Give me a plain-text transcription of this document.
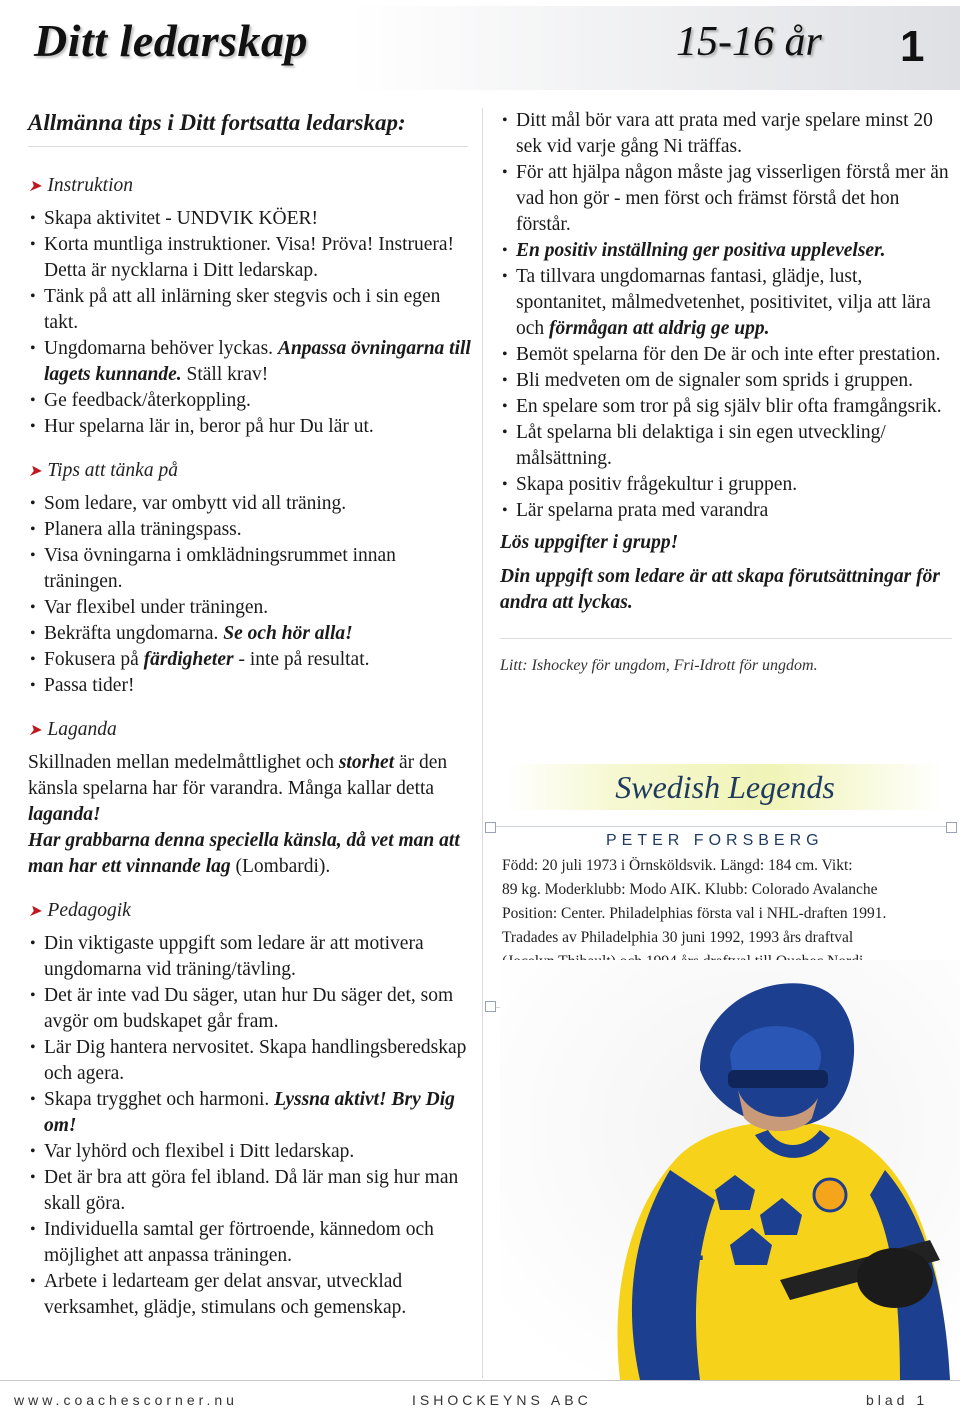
Ditt ledarskap	15-16 år 1
Allmänna tips i Ditt fortsatta ledarskap:
➤ Instruktion
• Skapa aktivitet - UNDVIK KÖER!
• Korta muntliga instruktioner. Visa! Pröva! Instruera! Detta är nycklarna i Ditt ledarskap.
• Tänk på att all inlärning sker stegvis och i sin egen takt.
• Ungdomarna behöver lyckas. Anpassa övningarna till lagets kunnande. Ställ krav!
• Ge feedback/återkoppling.
• Hur spelarna lär in, beror på hur Du lär ut.
➤ Tips att tänka på
• Som ledare, var ombytt vid all träning.
• Planera alla träningspass.
• Visa övningarna i omklädningsrummet innan träningen.
• Var flexibel under träningen.
• Bekräfta ungdomarna. Se och hör alla!
• Fokusera på färdigheter - inte på resultat.
• Passa tider!
➤ Laganda

Skillnaden mellan medelmåttlighet och storhet är den känsla spelarna har för varandra. Många kallar detta laganda!
Har grabbarna denna speciella känsla, då vet man att man har ett vinnande lag (Lombardi).

➤ Pedagogik
• Din viktigaste uppgift som ledare är att motivera ungdomarna vid träning/tävling.
• Det är inte vad Du säger, utan hur Du säger det, som avgör om budskapet går fram.
• Lär Dig hantera nervositet. Skapa handlingsberedskap och agera.
• Skapa trygghet och harmoni. Lyssna aktivt! Bry Dig om!
• Var lyhörd och flexibel i Ditt ledarskap.
• Det är bra att göra fel ibland. Då lär man sig hur man skall göra.
• Individuella samtal ger förtroende, kännedom och möjlighet att anpassa träningen.
• Arbete i ledarteam ger delat ansvar, utvecklad verksamhet, glädje, stimulans och gemenskap.
• Ditt mål bör vara att prata med varje spelare minst 20 sek vid varje gång Ni träffas.
• För att hjälpa någon måste jag visserligen förstå mer än vad hon gör - men först och främst förstå det hon förstår.
• En positiv inställning ger positiva upplevelser.
• Ta tillvara ungdomarnas fantasi, glädje, lust, spontanitet, målmedvetenhet, positivitet, vilja att lära och förmågan att aldrig ge upp.
• Bemöt spelarna för den De är och inte efter prestation.
• Bli medveten om de signaler som sprids i gruppen.
• En spelare som tror på sig själv blir ofta framgångsrik.
• Låt spelarna bli delaktiga i sin egen utveckling/ målsättning.
• Skapa positiv frågekultur i gruppen.
• Lär spelarna prata med varandra
Lös uppgifter i grupp!
Din uppgift som ledare är att skapa förutsättningar för andra att lyckas.
Litt: Ishockey för ungdom, Fri-Idrott för ungdom.
Swedish Legends
PETER FORSBERG

Född: 20 juli 1973 i Örnsköldsvik. Längd: 184 cm. Vikt:

89 kg. Moderklubb: Modo AIK. Klubb: Colorado Avalanche

Position: Center. Philadelphias första val i NHL-draften 1991.

Tradades av Philadelphia 30 juni 1992, 1993 års draftval

21
www.coachescorner.nu	ISHOCKEYNS ABC	blad 1
